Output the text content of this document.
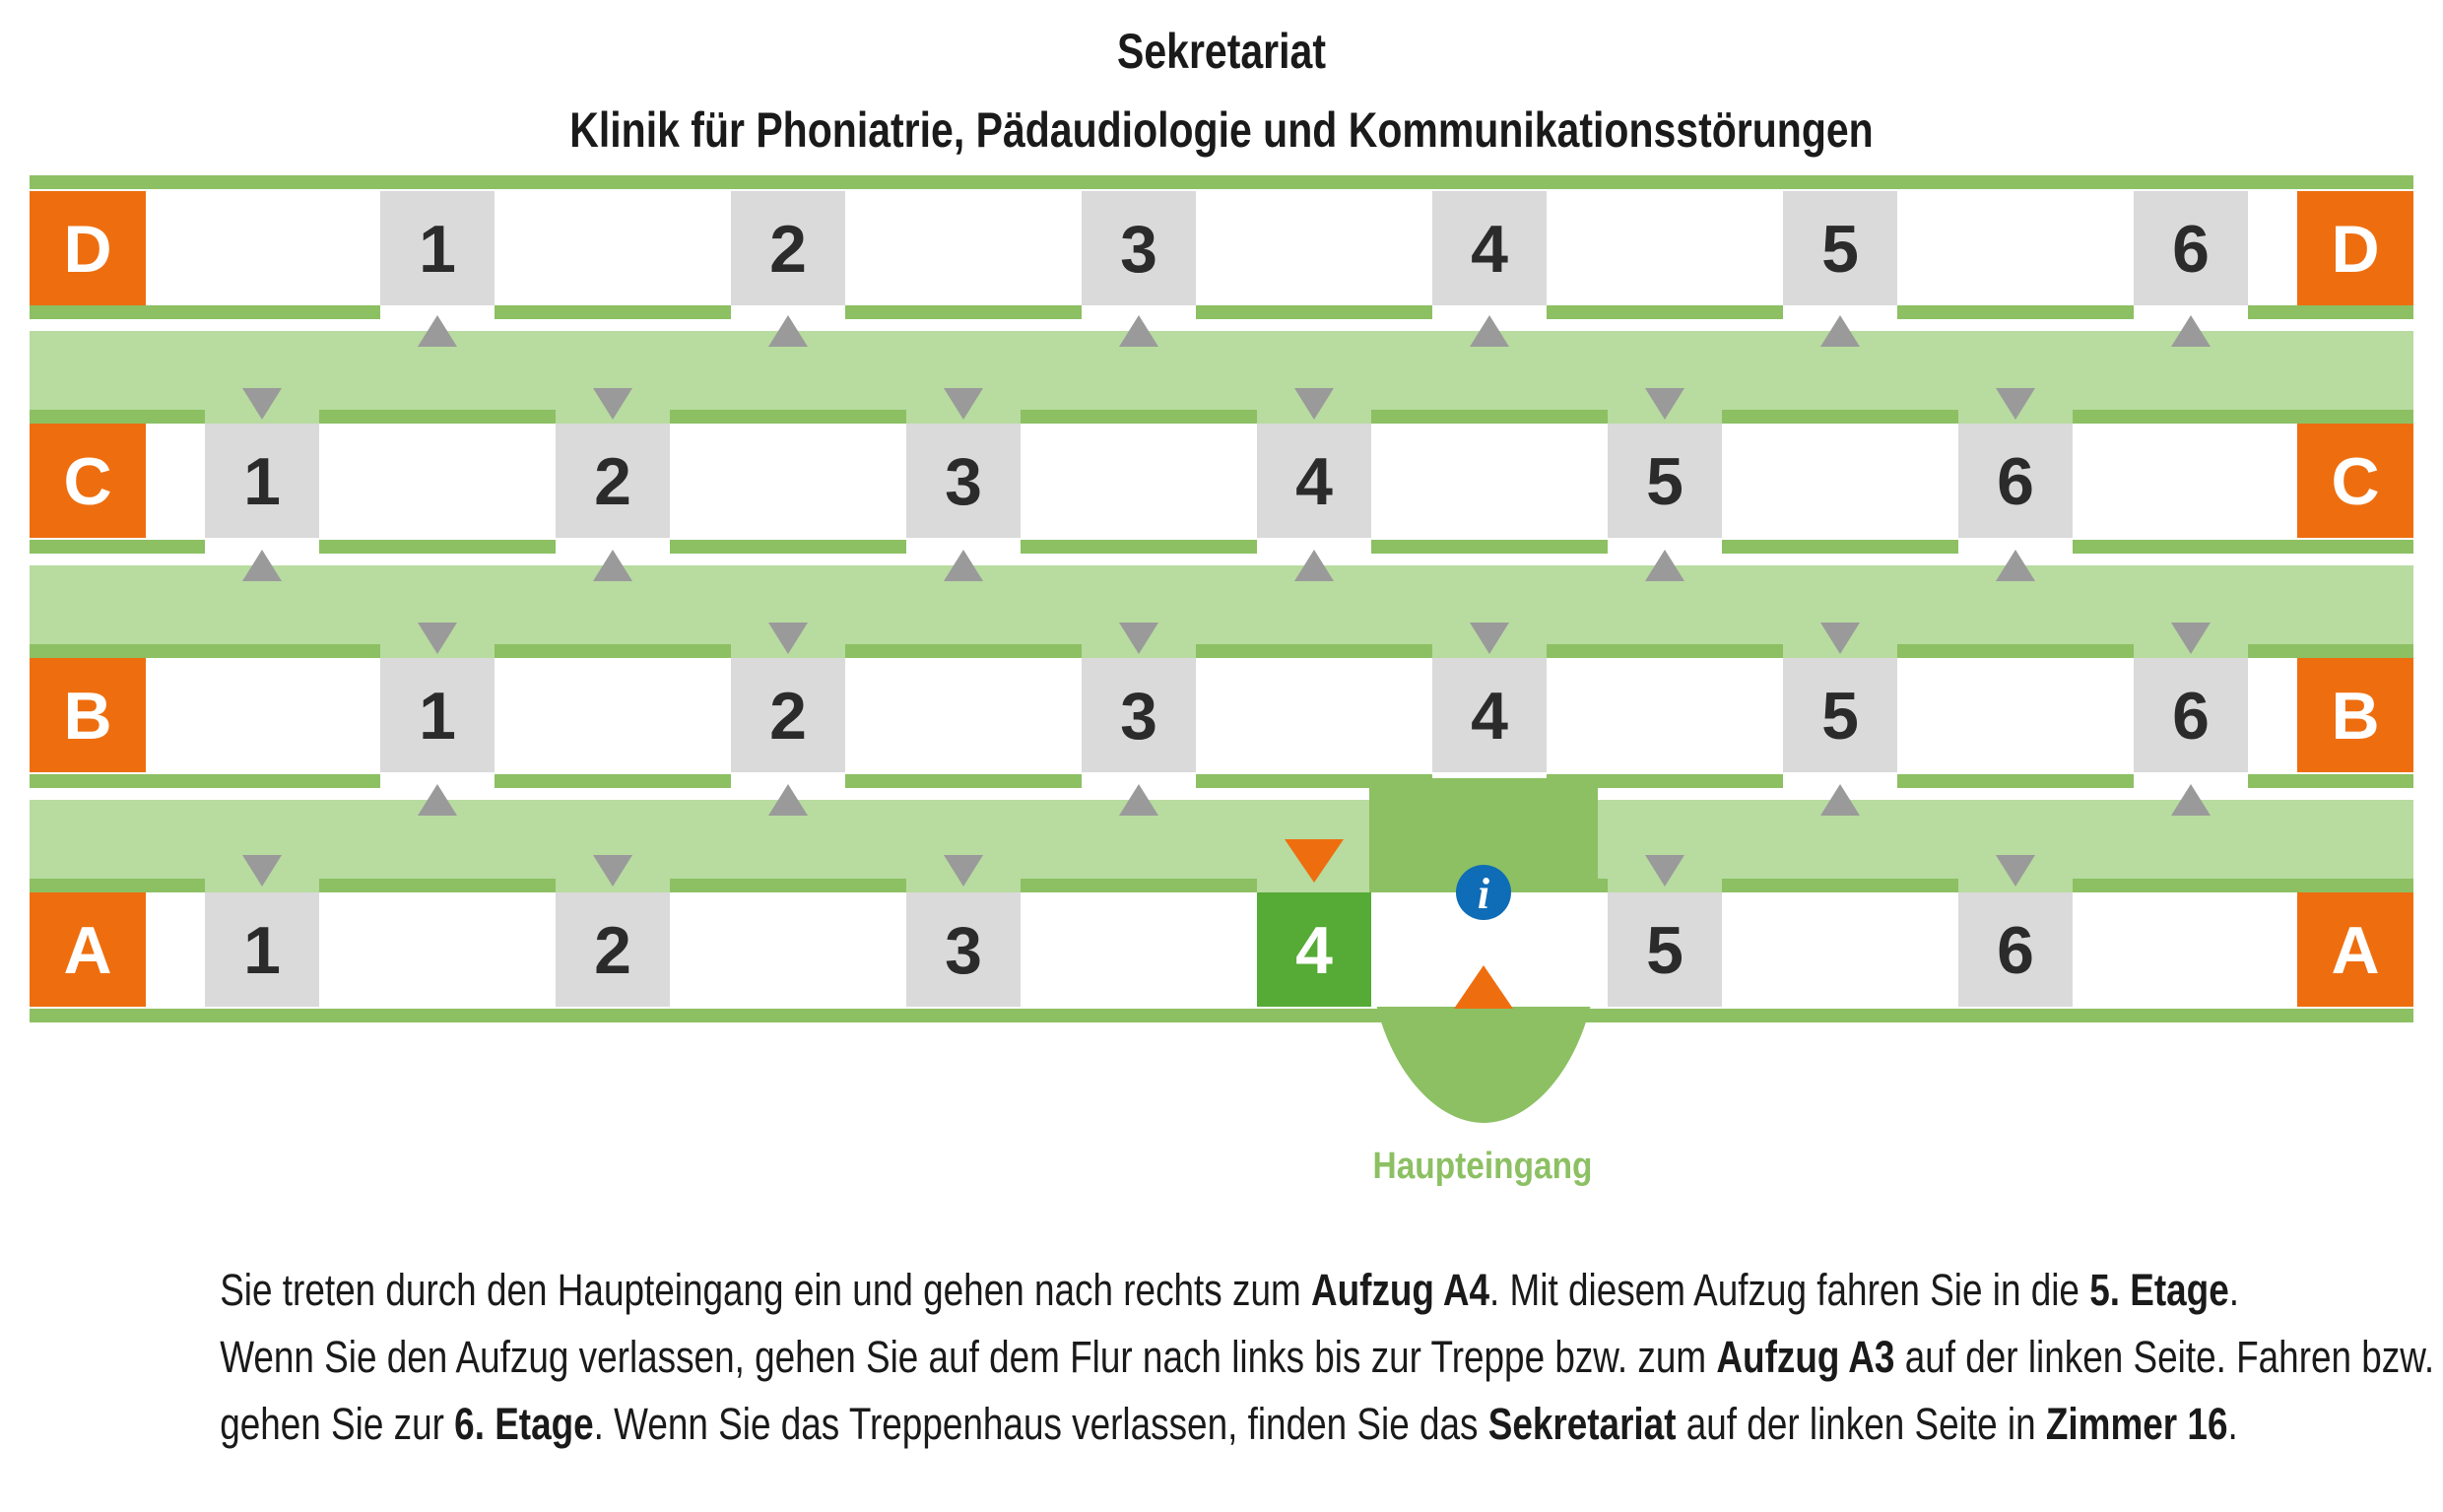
Sekretariat
Klinik für Phoniatrie, Pädaudiologie und Kommunikationsstörungen
D	D
1	2	3	4	5	6
C	C
1	2	3	4	5	6
B	B
1	2	3	4	5	6
A	A
1	2	3	4	5	6
i
Haupteingang
Sie treten durch den Haupteingang ein und gehen nach rechts zum Aufzug A4. Mit diesem Aufzug fahren Sie in die 5. Etage.
Wenn Sie den Aufzug verlassen, gehen Sie auf dem Flur nach links bis zur Treppe bzw. zum Aufzug A3 auf der linken Seite. Fahren bzw.
gehen Sie zur 6. Etage. Wenn Sie das Treppenhaus verlassen, finden Sie das Sekretariat auf der linken Seite in Zimmer 16.
